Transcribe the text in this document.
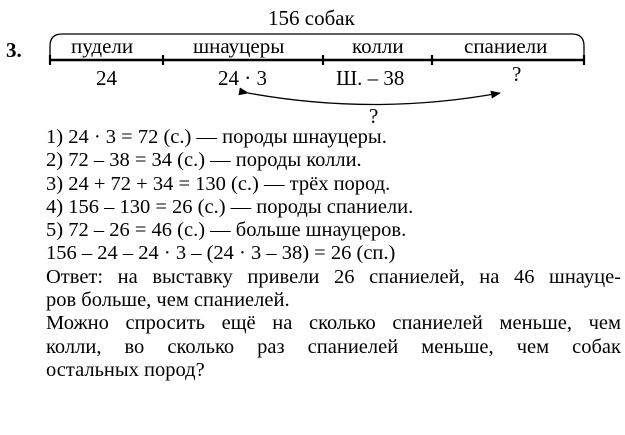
3.
156 собак
пудели	шнауцеры	колли	спаниели
24	24 · 3	Ш. – 38	?
?
1) 24 · 3 = 72 (с.) — породы шнауцеры.
2) 72 – 38 = 34 (с.) — породы колли.
3) 24 + 72 + 34 = 130 (с.) — трёх пород.
4) 156 – 130 = 26 (с.) — породы спаниели.
5) 72 – 26 = 46 (с.) — больше шнауцеров.
156 – 24 – 24 · 3 – (24 · 3 – 38) = 26 (сп.)
Ответ: на выставку привели 26 спаниелей, на 46 шнауце-
ров больше, чем спаниелей.
Можно спросить ещё на сколько спаниелей меньше, чем
колли, во сколько раз спаниелей меньше, чем собак
остальных пород?
